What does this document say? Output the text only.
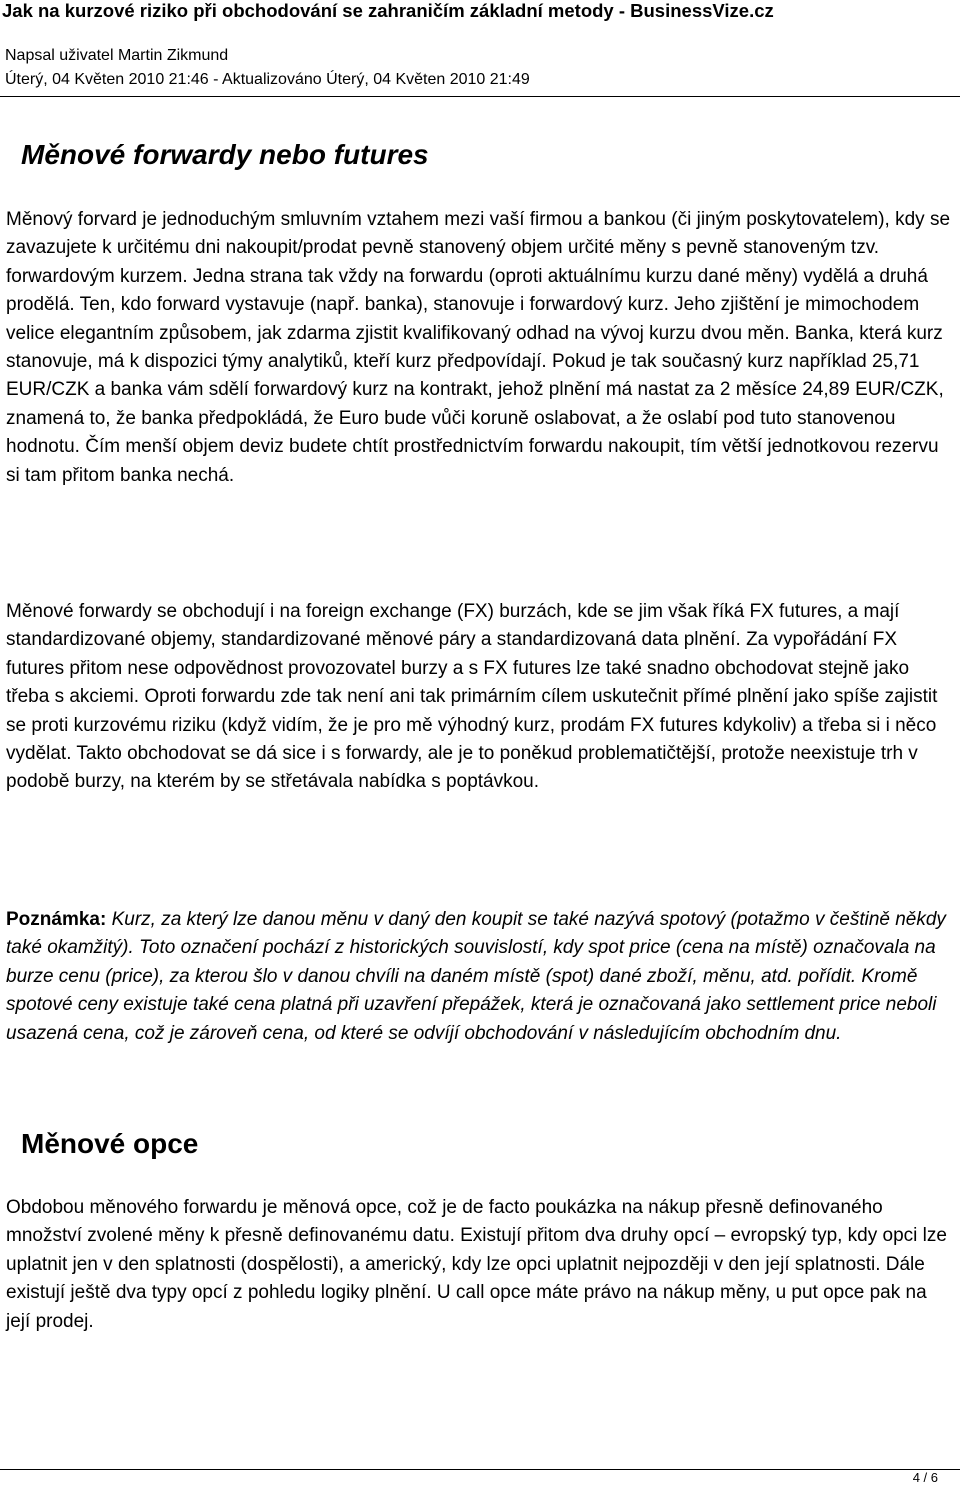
Jak na kurzové riziko při obchodování se zahraničím základní metody - BusinessVize.cz
Napsal uživatel Martin Zikmund
Úterý, 04 Květen 2010 21:46 - Aktualizováno Úterý, 04 Květen 2010 21:49
Měnové forwardy nebo futures

Měnový forvard je jednoduchým smluvním vztahem mezi vaší firmou a bankou (či jiným poskytovatelem), kdy se zavazujete k určitému dni nakoupit/prodat pevně stanovený objem určité měny s pevně stanoveným tzv. forwardovým kurzem. Jedna strana tak vždy na forwardu (oproti aktuálnímu kurzu dané měny) vydělá a druhá prodělá. Ten, kdo forward vystavuje (např. banka), stanovuje i forwardový kurz. Jeho zjištění je mimochodem velice elegantním způsobem, jak zdarma zjistit kvalifikovaný odhad na vývoj kurzu dvou měn. Banka, která kurz stanovuje, má k dispozici týmy analytiků, kteří kurz předpovídají. Pokud je tak současný kurz například 25,71 EUR/CZK a banka vám sdělí forwardový kurz na kontrakt, jehož plnění má nastat za 2 měsíce 24,89 EUR/CZK, znamená to, že banka předpokládá, že Euro bude vůči koruně oslabovat, a že oslabí pod tuto stanovenou hodnotu. Čím menší objem deviz budete chtít prostřednictvím forwardu nakoupit, tím větší jednotkovou rezervu si tam přitom banka nechá.

Měnové forwardy se obchodují i na foreign exchange (FX) burzách, kde se jim však říká FX futures, a mají standardizované objemy, standardizované měnové páry a standardizovaná data plnění. Za vypořádání FX futures přitom nese odpovědnost provozovatel burzy a s FX futures lze také snadno obchodovat stejně jako třeba s akciemi. Oproti forwardu zde tak není ani tak primárním cílem uskutečnit přímé plnění jako spíše zajistit se proti kurzovému riziku (když vidím, že je pro mě výhodný kurz, prodám FX futures kdykoliv) a třeba si i něco vydělat. Takto obchodovat se dá sice i s forwardy, ale je to poněkud problematičtější, protože neexistuje trh v podobě burzy, na kterém by se střetávala nabídka s poptávkou.

Poznámka: Kurz, za který lze danou měnu v daný den koupit se také nazývá spotový (potažmo v češtině někdy také okamžitý). Toto označení pochází z historických souvislostí, kdy spot price (cena na místě) označovala na burze cenu (price), za kterou šlo v danou chvíli na daném místě (spot) dané zboží, měnu, atd. pořídit. Kromě spotové ceny existuje také cena platná při uzavření přepážek, která je označovaná jako settlement price neboli usazená cena, což je zároveň cena, od které se odvíjí obchodování v následujícím obchodním dnu.

Měnové opce

Obdobou měnového forwardu je měnová opce, což je de facto poukázka na nákup přesně definovaného množství zvolené měny k přesně definovanému datu. Existují přitom dva druhy opcí – evropský typ, kdy opci lze uplatnit jen v den splatnosti (dospělosti), a americký, kdy lze opci uplatnit nejpozději v den její splatnosti. Dále existují ještě dva typy opcí z pohledu logiky plnění. U call opce máte právo na nákup měny, u put opce pak na její prodej.

4 / 6
